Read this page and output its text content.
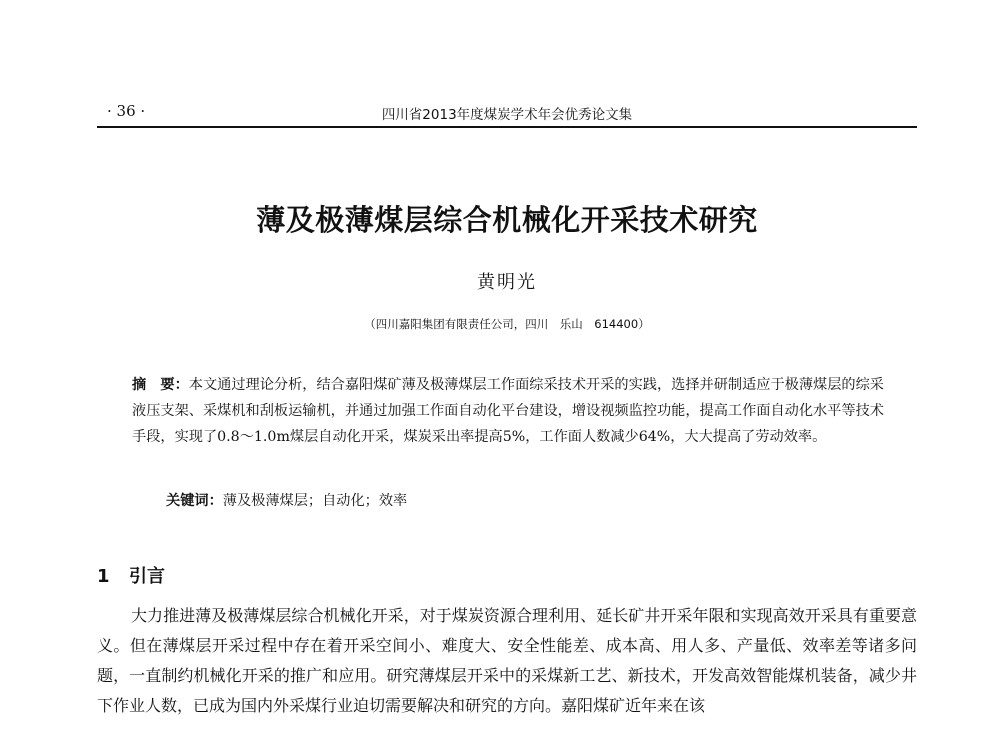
· 36 ·	四川省2013年度煤炭学术年会优秀论文集
薄及极薄煤层综合机械化开采技术研究
黄明光
（四川嘉阳集团有限责任公司，四川　乐山　614400）
摘　要：本文通过理论分析，结合嘉阳煤矿薄及极薄煤层工作面综采技术开采的实践，选择并研制适应于极薄煤层的综采液压支架、采煤机和刮板运输机，并通过加强工作面自动化平台建设，增设视频监控功能，提高工作面自动化水平等技术手段，实现了0.8～1.0m煤层自动化开采，煤炭采出率提高5%，工作面人数减少64%，大大提高了劳动效率。
关键词：薄及极薄煤层；自动化；效率
1 引言
大力推进薄及极薄煤层综合机械化开采，对于煤炭资源合理利用、延长矿井开采年限和实现高效开采具有重要意义。但在薄煤层开采过程中存在着开采空间小、难度大、安全性能差、成本高、用人多、产量低、效率差等诸多问题，一直制约机械化开采的推广和应用。研究薄煤层开采中的采煤新工艺、新技术，开发高效智能煤机装备，减少井下作业人数，已成为国内外采煤行业迫切需要解决和研究的方向。嘉阳煤矿近年来在该
